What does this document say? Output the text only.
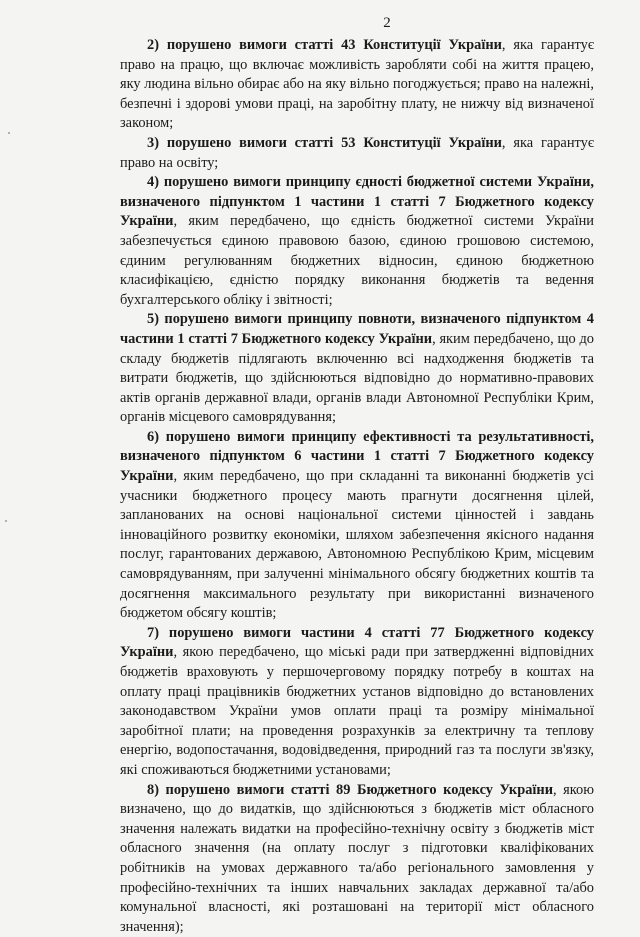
2

2) порушено вимоги статті 43 Конституції України, яка гарантує право на працю, що включає можливість заробляти собі на життя працею, яку людина вільно обирає або на яку вільно погоджується; право на належні, безпечні і здорові умови праці, на заробітну плату, не нижчу від визначеної законом;

3) порушено вимоги статті 53 Конституції України, яка гарантує право на освіту;

4) порушено вимоги принципу єдності бюджетної системи України, визначеного підпунктом 1 частини 1 статті 7 Бюджетного кодексу України, яким передбачено, що єдність бюджетної системи України забезпечується єдиною правовою базою, єдиною грошовою системою, єдиним регулюванням бюджетних відносин, єдиною бюджетною класифікацією, єдністю порядку виконання бюджетів та ведення бухгалтерського обліку і звітності;

5) порушено вимоги принципу повноти, визначеного підпунктом 4 частини 1 статті 7 Бюджетного кодексу України, яким передбачено, що до складу бюджетів підлягають включенню всі надходження бюджетів та витрати бюджетів, що здійснюються відповідно до нормативно-правових актів органів державної влади, органів влади Автономної Республіки Крим, органів місцевого самоврядування;

6) порушено вимоги принципу ефективності та результативності, визначеного підпунктом 6 частини 1 статті 7 Бюджетного кодексу України, яким передбачено, що при складанні та виконанні бюджетів усі учасники бюджетного процесу мають прагнути досягнення цілей, запланованих на основі національної системи цінностей і завдань інноваційного розвитку економіки, шляхом забезпечення якісного надання послуг, гарантованих державою, Автономною Республікою Крим, місцевим самоврядуванням, при залученні мінімального обсягу бюджетних коштів та досягнення максимального результату при використанні визначеного бюджетом обсягу коштів;

7) порушено вимоги частини 4 статті 77 Бюджетного кодексу України, якою передбачено, що міські ради при затвердженні відповідних бюджетів враховують у першочерговому порядку потребу в коштах на оплату праці працівників бюджетних установ відповідно до встановлених законодавством України умов оплати праці та розміру мінімальної заробітної плати; на проведення розрахунків за електричну та теплову енергію, водопостачання, водовідведення, природний газ та послуги зв'язку, які споживаються бюджетними установами;

8) порушено вимоги статті 89 Бюджетного кодексу України, якою визначено, що до видатків, що здійснюються з бюджетів міст обласного значення належать видатки на професійно-технічну освіту з бюджетів міст обласного значення (на оплату послуг з підготовки кваліфікованих робітників на умовах державного та/або регіонального замовлення у професійно-технічних та інших навчальних закладах державної та/або комунальної власності, які розташовані на території міст обласного значення);
